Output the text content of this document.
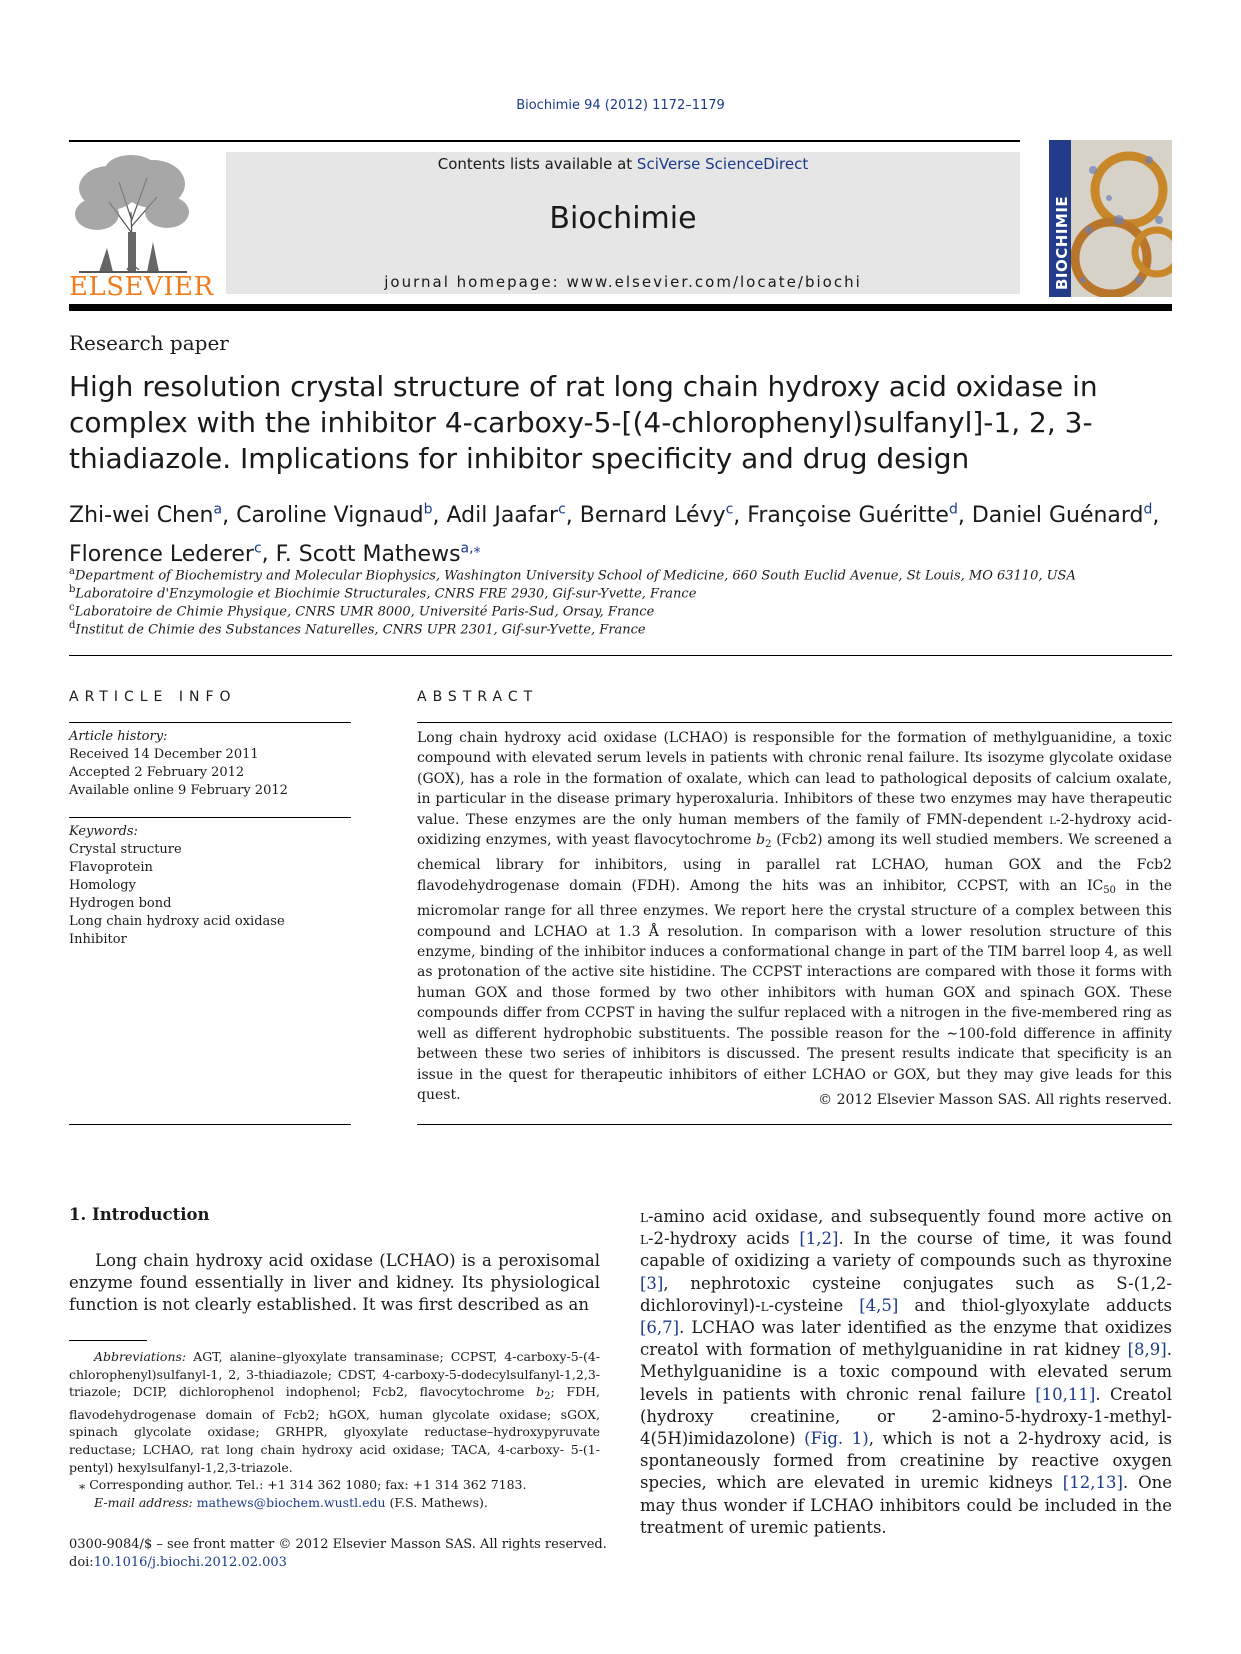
Biochimie 94 (2012) 1172–1179
ELSEVIER
Contents lists available at SciVerse ScienceDirect
Biochimie
journal homepage: www.elsevier.com/locate/biochi	BIOCHIMIE
Research paper
High resolution crystal structure of rat long chain hydroxy acid oxidase in complex with the inhibitor 4-carboxy-5-[(4-chlorophenyl)sulfanyl]-1, 2, 3-thiadiazole. Implications for inhibitor specificity and drug design
Zhi-wei Chen$^a$, Caroline Vignaud$^b$, Adil Jaafar$^c$, Bernard Lévy$^c$, Françoise Guéritte$^d$, Daniel Guénard$^d$,
Florence Lederer$^c$, F. Scott Mathews$^{a,⁎}$
$^a$Department of Biochemistry and Molecular Biophysics, Washington University School of Medicine, 660 South Euclid Avenue, St Louis, MO 63110, USA
$^b$Laboratoire d'Enzymologie et Biochimie Structurales, CNRS FRE 2930, Gif-sur-Yvette, France
$^c$Laboratoire de Chimie Physique, CNRS UMR 8000, Université Paris-Sud, Orsay, France
$^d$Institut de Chimie des Substances Naturelles, CNRS UPR 2301, Gif-sur-Yvette, France
ARTICLE INFO
Article history:
Received 14 December 2011
Accepted 2 February 2012
Available online 9 February 2012
Keywords:
Crystal structure
Flavoprotein
Homology
Hydrogen bond
Long chain hydroxy acid oxidase
Inhibitor
ABSTRACT
Long chain hydroxy acid oxidase (LCHAO) is responsible for the formation of methylguanidine, a toxic compound with elevated serum levels in patients with chronic renal failure. Its isozyme glycolate oxidase (GOX), has a role in the formation of oxalate, which can lead to pathological deposits of calcium oxalate, in particular in the disease primary hyperoxaluria. Inhibitors of these two enzymes may have therapeutic value. These enzymes are the only human members of the family of FMN-dependent l-2-hydroxy acid-oxidizing enzymes, with yeast flavocytochrome $b_2$ (Fcb2) among its well studied members. We screened a chemical library for inhibitors, using in parallel rat LCHAO, human GOX and the Fcb2 flavodehydrogenase domain (FDH). Among the hits was an inhibitor, CCPST, with an $IC_{50}$ in the micromolar range for all three enzymes. We report here the crystal structure of a complex between this compound and LCHAO at 1.3 Å resolution. In comparison with a lower resolution structure of this enzyme, binding of the inhibitor induces a conformational change in part of the TIM barrel loop 4, as well as protonation of the active site histidine. The CCPST interactions are compared with those it forms with human GOX and those formed by two other inhibitors with human GOX and spinach GOX. These compounds differ from CCPST in having the sulfur replaced with a nitrogen in the five-membered ring as well as different hydrophobic substituents. The possible reason for the ∼100-fold difference in affinity between these two series of inhibitors is discussed. The present results indicate that specificity is an issue in the quest for therapeutic inhibitors of either LCHAO or GOX, but they may give leads for this quest.	© 2012 Elsevier Masson SAS. All rights reserved.
1. Introduction
Long chain hydroxy acid oxidase (LCHAO) is a peroxisomal enzyme found essentially in liver and kidney. Its physiological function is not clearly established. It was first described as an
l-amino acid oxidase, and subsequently found more active on l-2-hydroxy acids [1,2]. In the course of time, it was found capable of oxidizing a variety of compounds such as thyroxine [3], nephrotoxic cysteine conjugates such as S-(1,2-dichlorovinyl)-l-cysteine [4,5] and thiol-glyoxylate adducts [6,7]. LCHAO was later identified as the enzyme that oxidizes creatol with formation of methylguanidine in rat kidney [8,9]. Methylguanidine is a toxic compound with elevated serum levels in patients with chronic renal failure [10,11]. Creatol (hydroxy creatinine, or 2-amino-5-hydroxy-1-methyl-4(5H)imidazolone) (Fig. 1), which is not a 2-hydroxy acid, is spontaneously formed from creatinine by reactive oxygen species, which are elevated in uremic kidneys [12,13]. One may thus wonder if LCHAO inhibitors could be included in the treatment of uremic patients.
Abbreviations: AGT, alanine–glyoxylate transaminase; CCPST, 4-carboxy-5-(4-chlorophenyl)sulfanyl-1, 2, 3-thiadiazole; CDST, 4-carboxy-5-dodecylsulfanyl-1,2,3-triazole; DCIP, dichlorophenol indophenol; Fcb2, flavocytochrome $b_2$; FDH, flavodehydrogenase domain of Fcb2; hGOX, human glycolate oxidase; sGOX, spinach glycolate oxidase; GRHPR, glyoxylate reductase–hydroxypyruvate reductase; LCHAO, rat long chain hydroxy acid oxidase; TACA, 4-carboxy- 5-(1-pentyl) hexylsulfanyl-1,2,3-triazole.
⁎ Corresponding author. Tel.: +1 314 362 1080; fax: +1 314 362 7183.
E-mail address: mathews@biochem.wustl.edu (F.S. Mathews).
0300-9084/$ – see front matter © 2012 Elsevier Masson SAS. All rights reserved.
doi:10.1016/j.biochi.2012.02.003
